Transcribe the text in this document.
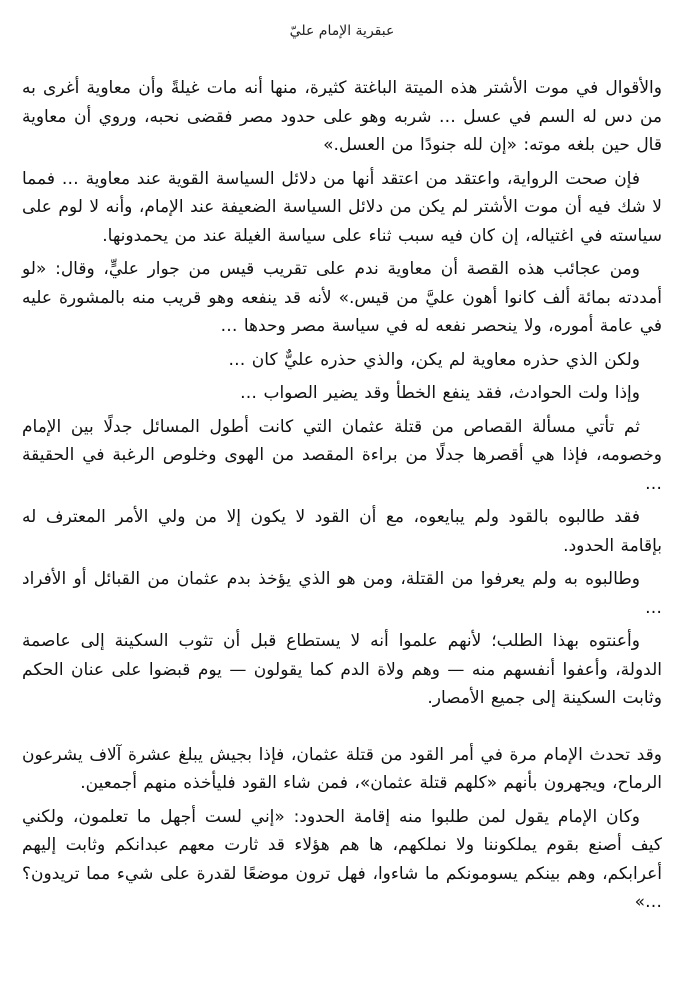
عبقرية الإمام عليّ

والأقوال في موت الأشتر هذه الميتة الباغتة كثيرة، منها أنه مات غيلةً وأن معاوية أغرى به من دس له السم في عسل … شربه وهو على حدود مصر فقضى نحبه، وروي أن معاوية قال حين بلغه موته: «إن لله جنودًا من العسل.»

فإن صحت الرواية، واعتقد من اعتقد أنها من دلائل السياسة القوية عند معاوية … فمما لا شك فيه أن موت الأشتر لم يكن من دلائل السياسة الضعيفة عند الإمام، وأنه لا لوم على سياسته في اغتياله، إن كان فيه سبب ثناء على سياسة الغيلة عند من يحمدونها.

ومن عجائب هذه القصة أن معاوية ندم على تقريب قيس من جوار عليٍّ، وقال: «لو أمددته بمائة ألف كانوا أهون عليَّ من قيس.» لأنه قد ينفعه وهو قريب منه بالمشورة عليه في عامة أموره، ولا ينحصر نفعه له في سياسة مصر وحدها …

ولكن الذي حذره معاوية لم يكن، والذي حذره عليٌّ كان …

وإذا ولت الحوادث، فقد ينفع الخطأ وقد يضير الصواب …

ثم تأتي مسألة القصاص من قتلة عثمان التي كانت أطول المسائل جدلًا بين الإمام وخصومه، فإذا هي أقصرها جدلًا من براءة المقصد من الهوى وخلوص الرغبة في الحقيقة …

فقد طالبوه بالقود ولم يبايعوه، مع أن القود لا يكون إلا من ولي الأمر المعترف له بإقامة الحدود.

وطالبوه به ولم يعرفوا من القتلة، ومن هو الذي يؤخذ بدم عثمان من القبائل أو الأفراد …

وأعنتوه بهذا الطلب؛ لأنهم علموا أنه لا يستطاع قبل أن تثوب السكينة إلى عاصمة الدولة، وأعفوا أنفسهم منه — وهم ولاة الدم كما يقولون — يوم قبضوا على عنان الحكم وثابت السكينة إلى جميع الأمصار.

وقد تحدث الإمام مرة في أمر القود من قتلة عثمان، فإذا بجيش يبلغ عشرة آلاف يشرعون الرماح، ويجهرون بأنهم «كلهم قتلة عثمان»، فمن شاء القود فليأخذه منهم أجمعين.

وكان الإمام يقول لمن طلبوا منه إقامة الحدود: «إني لست أجهل ما تعلمون، ولكني كيف أصنع بقوم يملكوننا ولا نملكهم، ها هم هؤلاء قد ثارت معهم عبدانكم وثابت إليهم أعرابكم، وهم بينكم يسومونكم ما شاءوا، فهل ترون موضعًا لقدرة على شيء مما تريدون؟ …»
